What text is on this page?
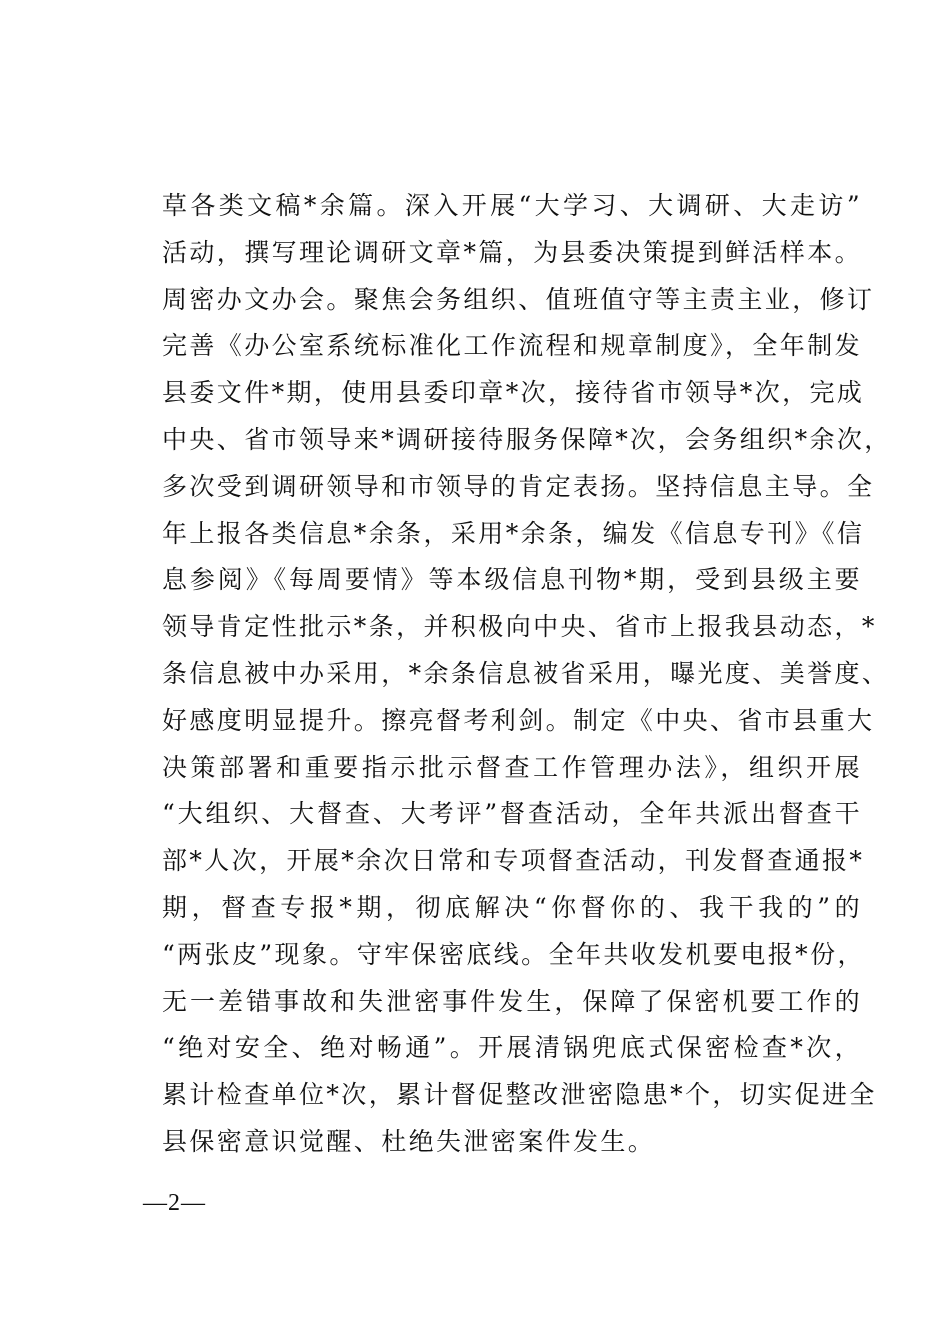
草各类文稿*余篇。深入开展“大学习、大调研、大走访”
活动，撰写理论调研文章*篇，为县委决策提到鲜活样本。
周密办文办会。聚焦会务组织、值班值守等主责主业，修订
完善《办公室系统标准化工作流程和规章制度》，全年制发
县委文件*期，使用县委印章*次，接待省市领导*次，完成
中央、省市领导来*调研接待服务保障*次，会务组织*余次，
多次受到调研领导和市领导的肯定表扬。坚持信息主导。全
年上报各类信息*余条，采用*余条，编发《信息专刊》《信
息参阅》《每周要情》等本级信息刊物*期，受到县级主要
领导肯定性批示*条，并积极向中央、省市上报我县动态，*
条信息被中办采用，*余条信息被省采用，曝光度、美誉度、
好感度明显提升。擦亮督考利剑。制定《中央、省市县重大
决策部署和重要指示批示督查工作管理办法》，组织开展
“大组织、大督查、大考评”督查活动，全年共派出督查干
部*人次，开展*余次日常和专项督查活动，刊发督查通报*
期，督查专报*期，彻底解决“你督你的、我干我的”的
“两张皮”现象。守牢保密底线。全年共收发机要电报*份，
无一差错事故和失泄密事件发生，保障了保密机要工作的
“绝对安全、绝对畅通”。开展清锅兜底式保密检查*次，
累计检查单位*次，累计督促整改泄密隐患*个，切实促进全
县保密意识觉醒、杜绝失泄密案件发生。
—2—
